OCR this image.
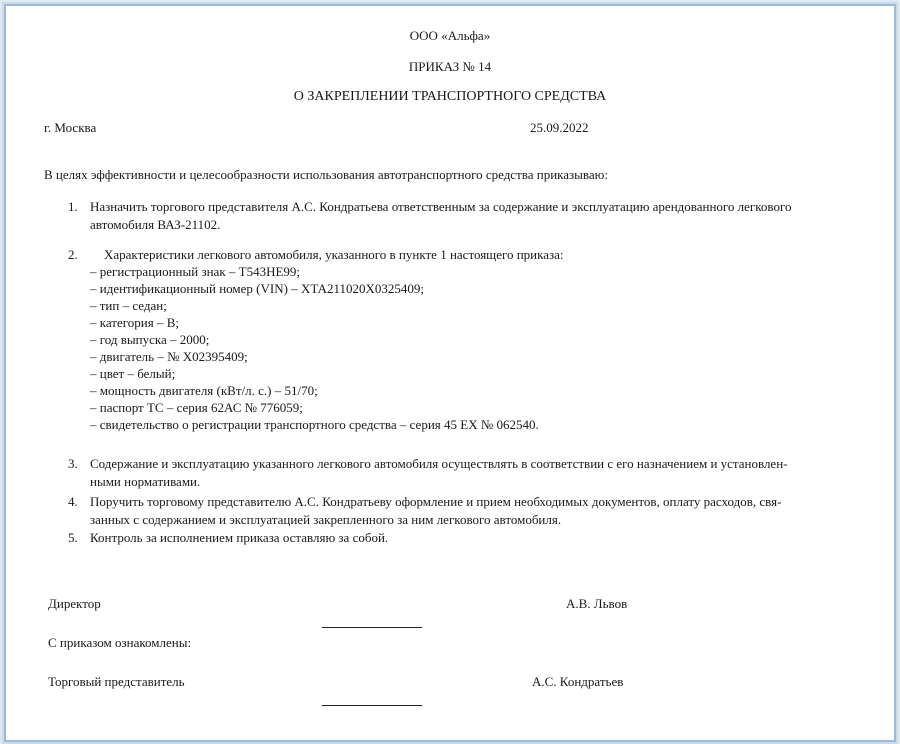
ООО «Альфа»
ПРИКАЗ № 14
О ЗАКРЕПЛЕНИИ ТРАНСПОРТНОГО СРЕДСТВА
г. Москва	25.09.2022
В целях эффективности и целесообразности использования автотранспортного средства приказываю:
1. Назначить торгового представителя А.С. Кондратьева ответственным за содержание и эксплуатацию арендованного легкового
автомобиля ВАЗ-21102.
2. Характеристики легкового автомобиля, указанного в пункте 1 настоящего приказа:
– регистрационный знак – Т543НЕ99;
– идентификационный номер (VIN) – ХТА211020Х0325409;
– тип – седан;
– категория – В;
– год выпуска – 2000;
– двигатель – № Х02395409;
– цвет – белый;
– мощность двигателя (кВт/л. с.) – 51/70;
– паспорт ТС – серия 62АС № 776059;
– свидетельство о регистрации транспортного средства – серия 45 ЕХ № 062540.
3. Содержание и эксплуатацию указанного легкового автомобиля осуществлять в соответствии с его назначением и установлен-
ными нормативами.
4. Поручить торговому представителю А.С. Кондратьеву оформление и прием необходимых документов, оплату расходов, свя-
занных с содержанием и эксплуатацией закрепленного за ним легкового автомобиля.
5. Контроль за исполнением приказа оставляю за собой.
Директор	А.В. Львов
С приказом ознакомлены:
Торговый представитель	А.С. Кондратьев
